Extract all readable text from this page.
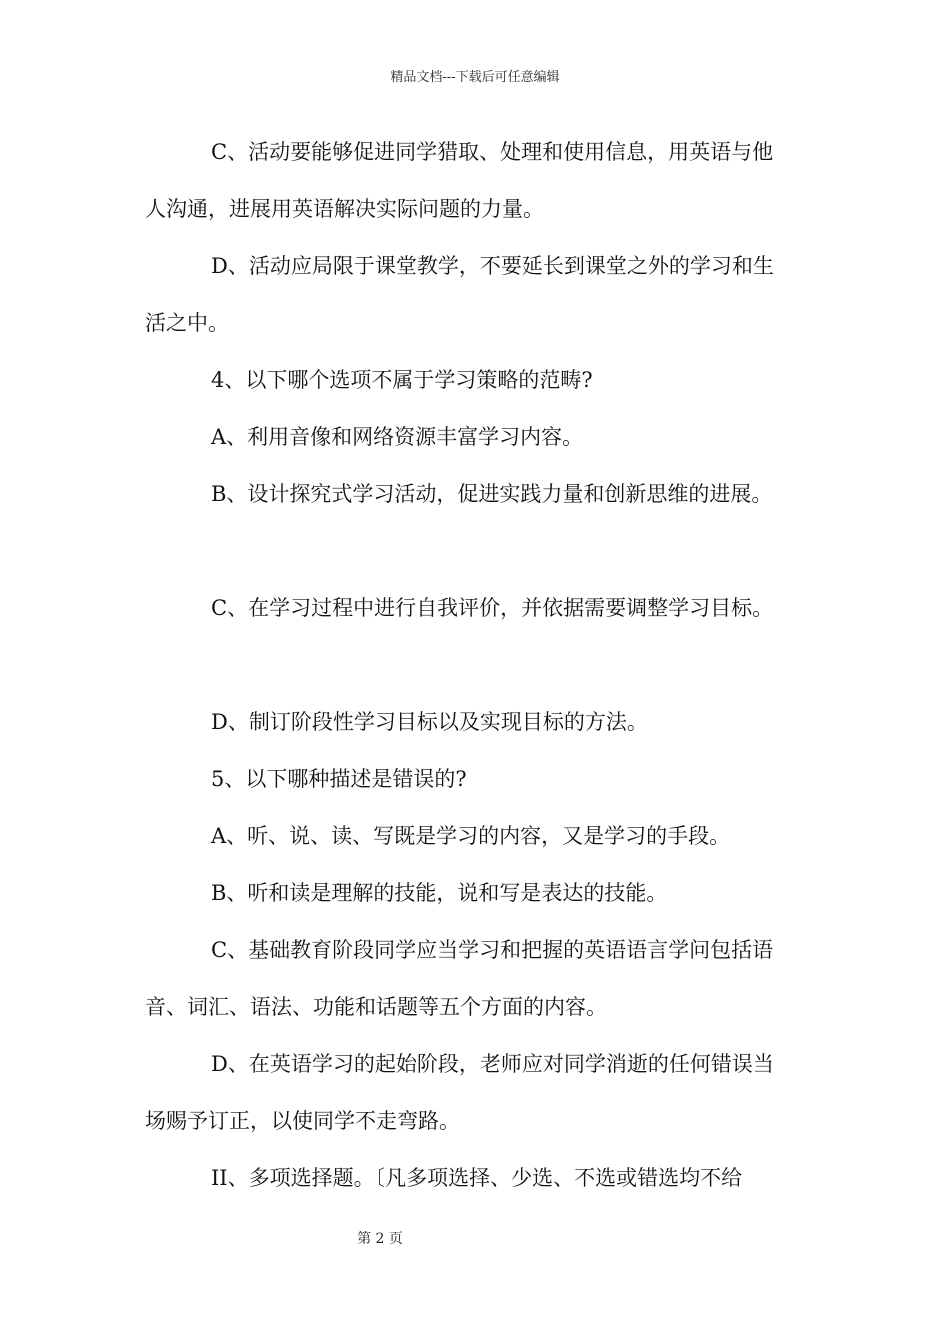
精品文档---下载后可任意编辑
C、活动要能够促进同学猎取、处理和使用信息，用英语与他
人沟通，进展用英语解决实际问题的力量。
D、活动应局限于课堂教学，不要延长到课堂之外的学习和生
活之中。
4、以下哪个选项不属于学习策略的范畴?
A、利用音像和网络资源丰富学习内容。
B、设计探究式学习活动，促进实践力量和创新思维的进展。
C、在学习过程中进行自我评价，并依据需要调整学习目标。
D、制订阶段性学习目标以及实现目标的方法。
5、以下哪种描述是错误的?
A、听、说、读、写既是学习的内容，又是学习的手段。
B、听和读是理解的技能，说和写是表达的技能。
C、基础教育阶段同学应当学习和把握的英语语言学问包括语
音、词汇、语法、功能和话题等五个方面的内容。
D、在英语学习的起始阶段，老师应对同学消逝的任何错误当
场赐予订正，以使同学不走弯路。
II、多项选择题。〔凡多项选择、少选、不选或错选均不给
第 2 页
